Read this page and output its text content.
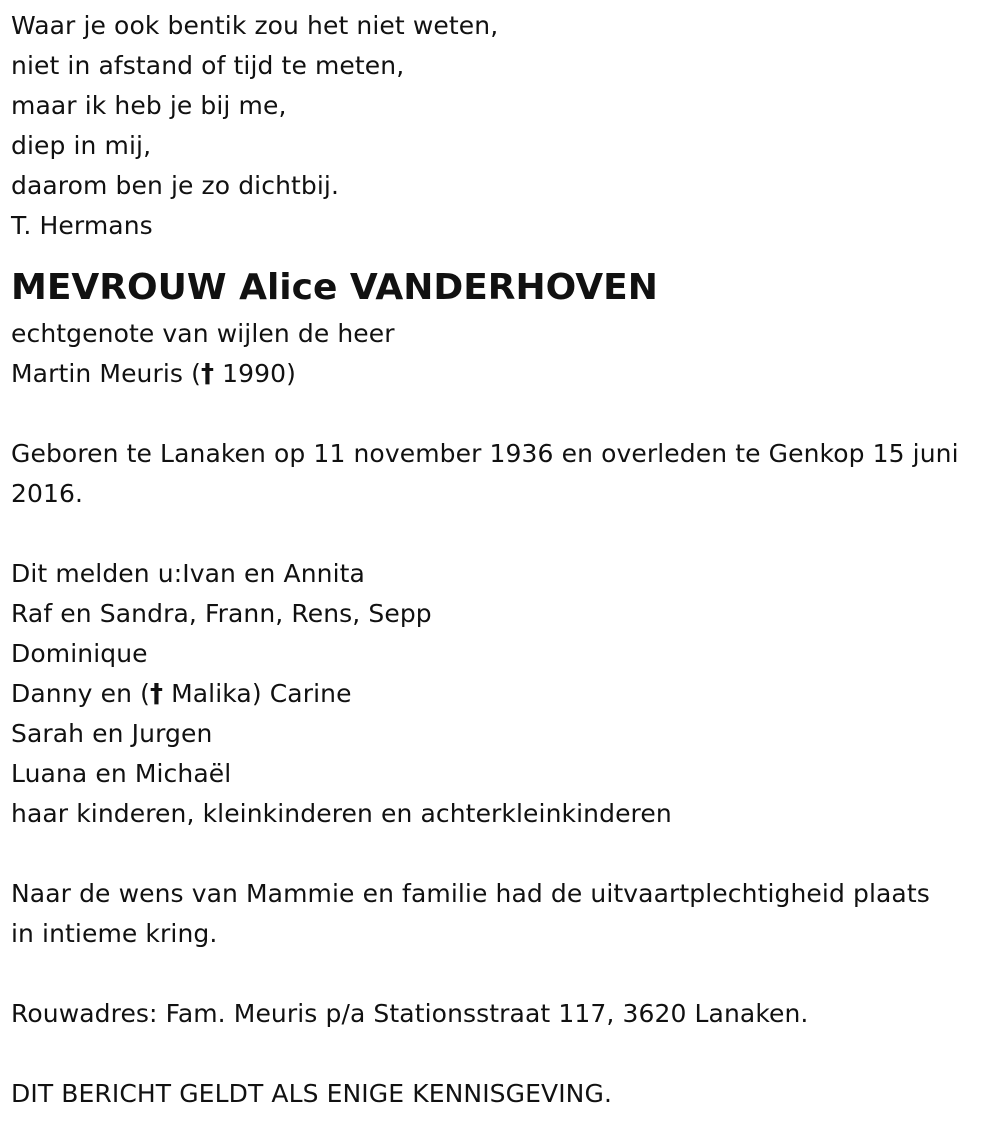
Waar je ook bentik zou het niet weten,
niet in afstand of tijd te meten,
maar ik heb je bij me,
diep in mij,
daarom ben je zo dichtbij.
T. Hermans
MEVROUW Alice VANDERHOVEN
echtgenote van wijlen de heer
Martin Meuris († 1990)
Geboren te Lanaken op 11 november 1936 en overleden te Genkop 15 juni
2016.
Dit melden u:Ivan en Annita
Raf en Sandra, Frann, Rens, Sepp
Dominique
Danny en († Malika) Carine
Sarah en Jurgen
Luana en Michaël
haar kinderen, kleinkinderen en achterkleinkinderen
Naar de wens van Mammie en familie had de uitvaartplechtigheid plaats
in intieme kring.
Rouwadres: Fam. Meuris p/a Stationsstraat 117, 3620 Lanaken.
DIT BERICHT GELDT ALS ENIGE KENNISGEVING.
